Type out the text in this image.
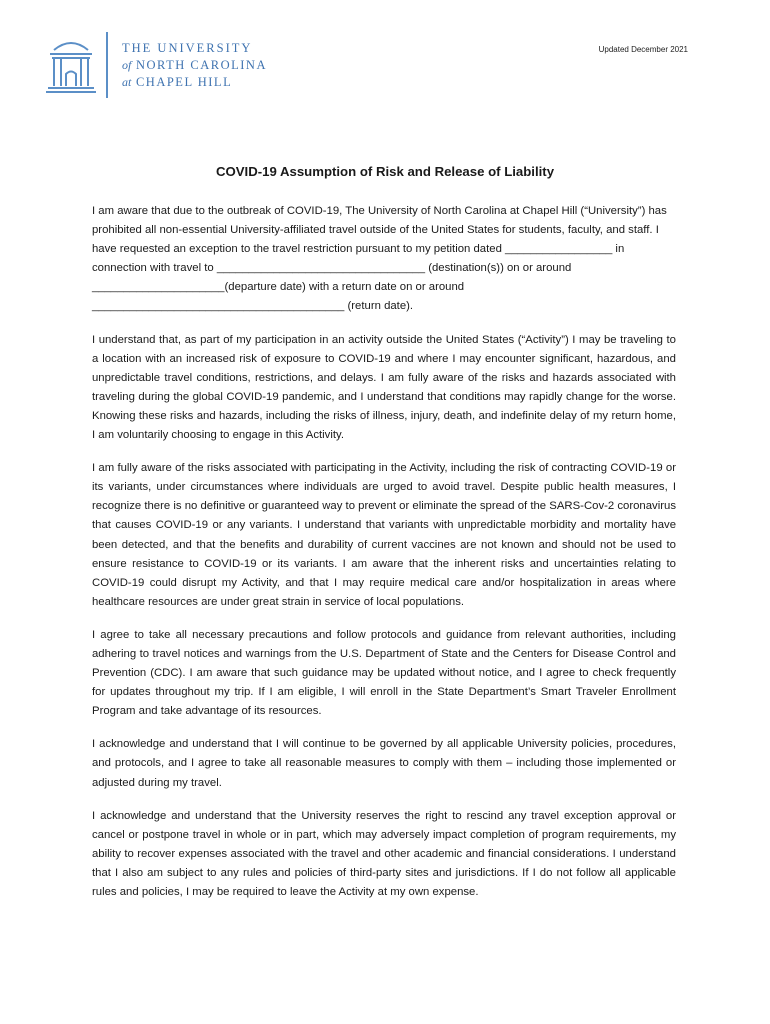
THE UNIVERSITY
of NORTH CAROLINA
at CHAPEL HILL
Updated December 2021
COVID-19 Assumption of Risk and Release of Liability

I am aware that due to the outbreak of COVID-19, The University of North Carolina at Chapel Hill (“University”) has prohibited all non-essential University-affiliated travel outside of the United States for students, faculty, and staff. I have requested an exception to the travel restriction pursuant to my petition dated _________________ in connection with travel to _________________________________ (destination(s)) on or around _____________________(departure date) with a return date on or around ________________________________________ (return date).

I understand that, as part of my participation in an activity outside the United States (“Activity”) I may be traveling to a location with an increased risk of exposure to COVID-19 and where I may encounter significant, hazardous, and unpredictable travel conditions, restrictions, and delays. I am fully aware of the risks and hazards associated with traveling during the global COVID-19 pandemic, and I understand that conditions may rapidly change for the worse. Knowing these risks and hazards, including the risks of illness, injury, death, and indefinite delay of my return home, I am voluntarily choosing to engage in this Activity.

I am fully aware of the risks associated with participating in the Activity, including the risk of contracting COVID-19 or its variants, under circumstances where individuals are urged to avoid travel. Despite public health measures, I recognize there is no definitive or guaranteed way to prevent or eliminate the spread of the SARS-Cov-2 coronavirus that causes COVID-19 or any variants. I understand that variants with unpredictable morbidity and mortality have been detected, and that the benefits and durability of current vaccines are not known and should not be used to ensure resistance to COVID-19 or its variants. I am aware that the inherent risks and uncertainties relating to COVID-19 could disrupt my Activity, and that I may require medical care and/or hospitalization in areas where healthcare resources are under great strain in service of local populations.

I agree to take all necessary precautions and follow protocols and guidance from relevant authorities, including adhering to travel notices and warnings from the U.S. Department of State and the Centers for Disease Control and Prevention (CDC). I am aware that such guidance may be updated without notice, and I agree to check frequently for updates throughout my trip. If I am eligible, I will enroll in the State Department’s Smart Traveler Enrollment Program and take advantage of its resources.

I acknowledge and understand that I will continue to be governed by all applicable University policies, procedures, and protocols, and I agree to take all reasonable measures to comply with them – including those implemented or adjusted during my travel.

I acknowledge and understand that the University reserves the right to rescind any travel exception approval or cancel or postpone travel in whole or in part, which may adversely impact completion of program requirements, my ability to recover expenses associated with the travel and other academic and financial considerations. I understand that I also am subject to any rules and policies of third-party sites and jurisdictions. If I do not follow all applicable rules and policies, I may be required to leave the Activity at my own expense.
